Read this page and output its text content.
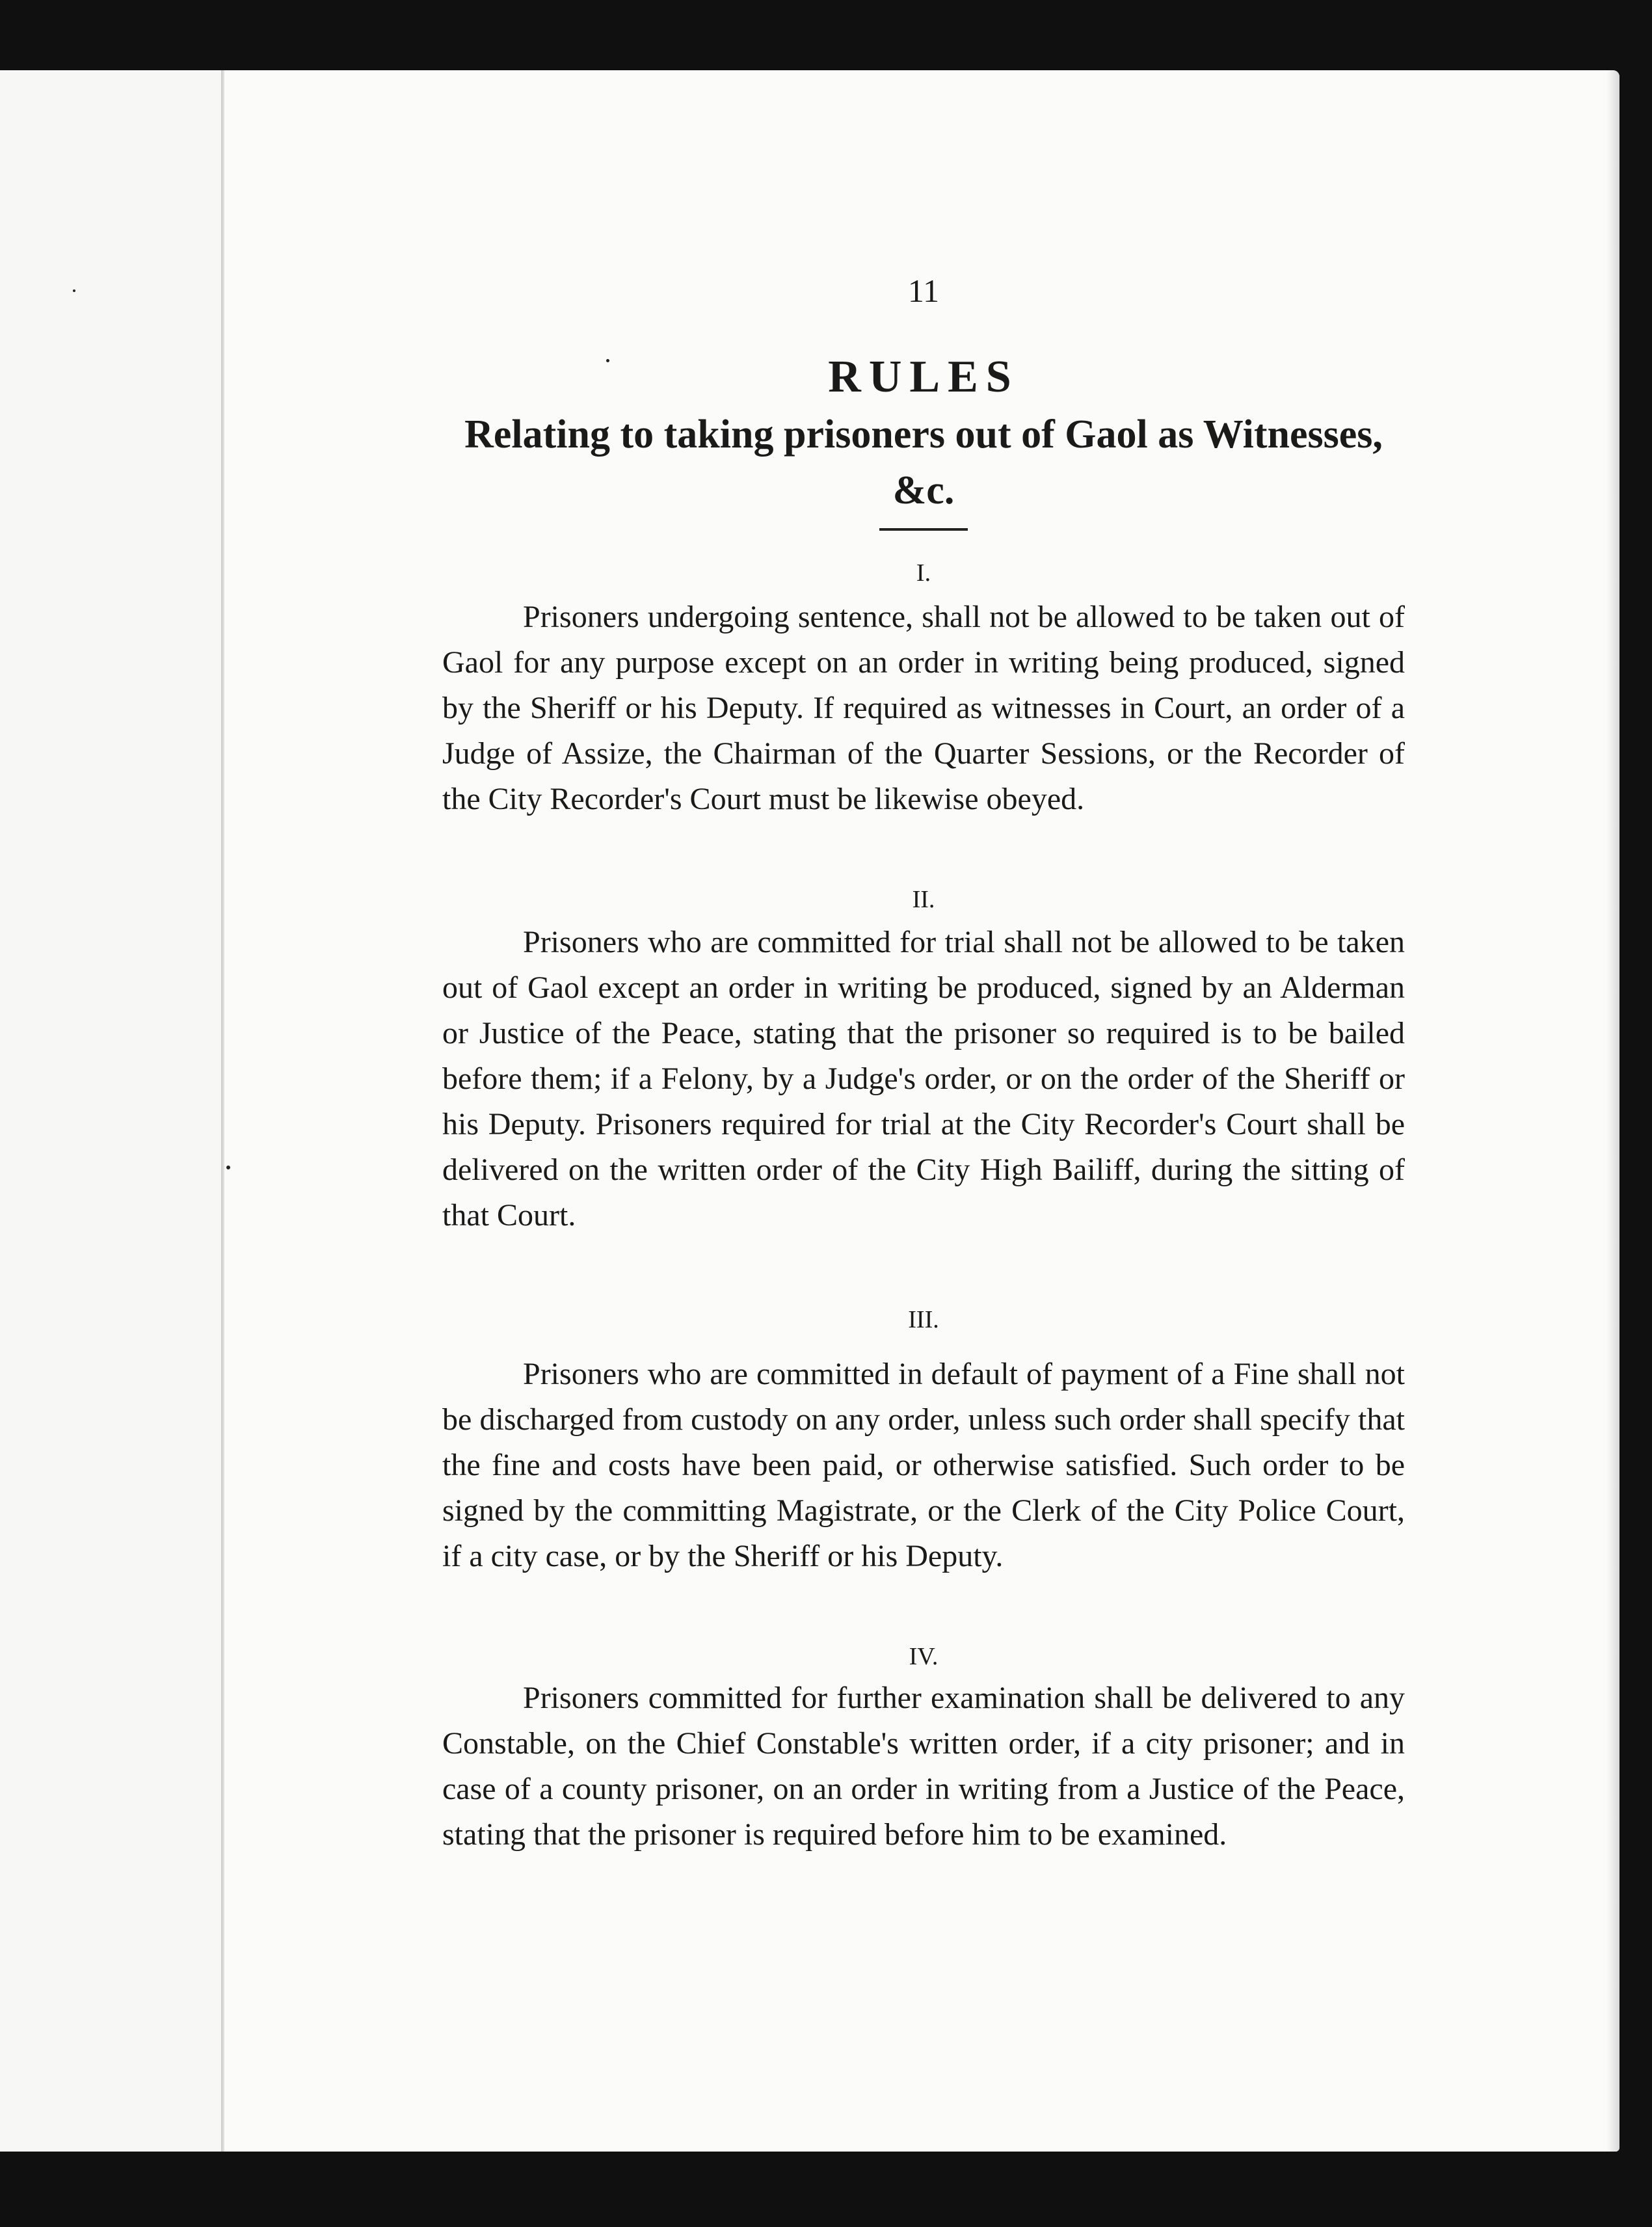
11
RULES
Relating to taking prisoners out of Gaol as Witnesses, &c.
I.

Prisoners undergoing sentence, shall not be allowed to be taken out of Gaol for any purpose except on an order in writing being produced, signed by the Sheriff or his Deputy. If required as witnesses in Court, an order of a Judge of Assize, the Chairman of the Quarter Sessions, or the Recorder of the City Recorder's Court must be likewise obeyed.

II.

Prisoners who are committed for trial shall not be allowed to be taken out of Gaol except an order in writing be produced, signed by an Alderman or Justice of the Peace, stating that the prisoner so required is to be bailed before them; if a Felony, by a Judge's order, or on the order of the Sheriff or his Deputy. Prisoners required for trial at the City Recorder's Court shall be delivered on the written order of the City High Bailiff, during the sitting of that Court.

III.

Prisoners who are committed in default of payment of a Fine shall not be discharged from custody on any order, unless such order shall specify that the fine and costs have been paid, or otherwise satisfied. Such order to be signed by the committing Magistrate, or the Clerk of the City Police Court, if a city case, or by the Sheriff or his Deputy.

IV.

Prisoners committed for further examination shall be delivered to any Constable, on the Chief Constable's written order, if a city prisoner; and in case of a county prisoner, on an order in writing from a Justice of the Peace, stating that the prisoner is required before him to be examined.
